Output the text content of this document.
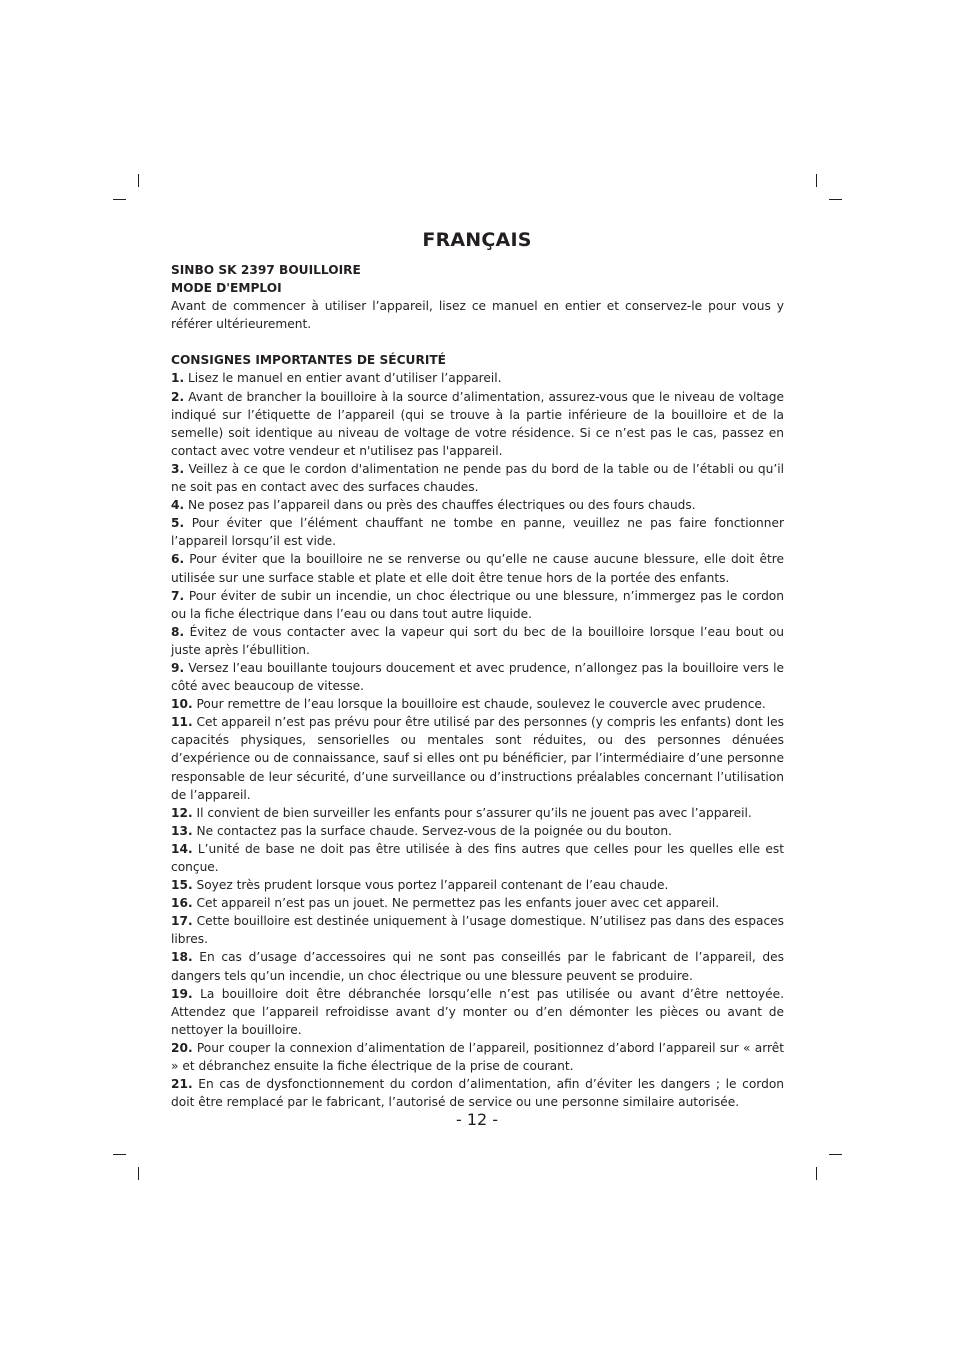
FRANÇAIS

SINBO SK 2397 BOUILLOIRE

MODE D'EMPLOI

Avant de commencer à utiliser l’appareil, lisez ce manuel en entier et conservez-le pour vous y référer ultérieurement.

CONSIGNES IMPORTANTES DE SÉCURITÉ

1. Lisez le manuel en entier avant d’utiliser l’appareil.

2. Avant de brancher la bouilloire à la source d’alimentation, assurez-vous que le niveau de voltage indiqué sur l’étiquette de l’appareil (qui se trouve à la partie inférieure de la bouilloire et de la semelle) soit identique au niveau de voltage de votre résidence. Si ce n’est pas le cas, passez en contact avec votre vendeur et n'utilisez pas l'appareil.

3. Veillez à ce que le cordon d'alimentation ne pende pas du bord de la table ou de l’établi ou qu’il ne soit pas en contact avec des surfaces chaudes.

4. Ne posez pas l’appareil dans ou près des chauffes électriques ou des fours chauds.

5. Pour éviter que l’élément chauffant ne tombe en panne, veuillez ne pas faire fonctionner l’appareil lorsqu’il est vide.

6. Pour éviter que la bouilloire ne se renverse ou qu’elle ne cause aucune blessure, elle doit être utilisée sur une surface stable et plate et elle doit être tenue hors de la portée des enfants.

7. Pour éviter de subir un incendie, un choc électrique ou une blessure, n’immergez pas le cordon ou la fiche électrique dans l’eau ou dans tout autre liquide.

8. Évitez de vous contacter avec la vapeur qui sort du bec de la bouilloire lorsque l’eau bout ou juste après l’ébullition.

9. Versez l’eau bouillante toujours doucement et avec prudence, n’allongez pas la bouilloire vers le côté avec beaucoup de vitesse.

10. Pour remettre de l’eau lorsque la bouilloire est chaude, soulevez le couvercle avec prudence.

11. Cet appareil n’est pas prévu pour être utilisé par des personnes (y compris les enfants) dont les capacités physiques, sensorielles ou mentales sont réduites, ou des personnes dénuées d’expérience ou de connaissance, sauf si elles ont pu bénéficier, par l’intermédiaire d’une personne responsable de leur sécurité, d’une surveillance ou d’instructions préalables concernant l’utilisation de l’appareil.

12. Il convient de bien surveiller les enfants pour s’assurer qu’ils ne jouent pas avec l’appareil.

13. Ne contactez pas la surface chaude. Servez-vous de la poignée ou du bouton.

14. L’unité de base ne doit pas être utilisée à des fins autres que celles pour les quelles elle est conçue.

15. Soyez très prudent lorsque vous portez l’appareil contenant de l’eau chaude.

16. Cet appareil n’est pas un jouet. Ne permettez pas les enfants jouer avec cet appareil.

17. Cette bouilloire est destinée uniquement à l’usage domestique. N’utilisez pas dans des espaces libres.

18. En cas d’usage d’accessoires qui ne sont pas conseillés par le fabricant de l’appareil, des dangers tels qu’un incendie, un choc électrique ou une blessure peuvent se produire.

19. La bouilloire doit être débranchée lorsqu’elle n’est pas utilisée ou avant d’être nettoyée. Attendez que l’appareil refroidisse avant d’y monter ou d’en démonter les pièces ou avant de nettoyer la bouilloire.

20. Pour couper la connexion d’alimentation de l’appareil, positionnez d’abord l’appareil sur « arrêt » et débranchez ensuite la fiche électrique de la prise de courant.

21. En cas de dysfonctionnement du cordon d’alimentation, afin d’éviter les dangers ; le cordon doit être remplacé par le fabricant, l’autorisé de service ou une personne similaire autorisée.

- 12 -
